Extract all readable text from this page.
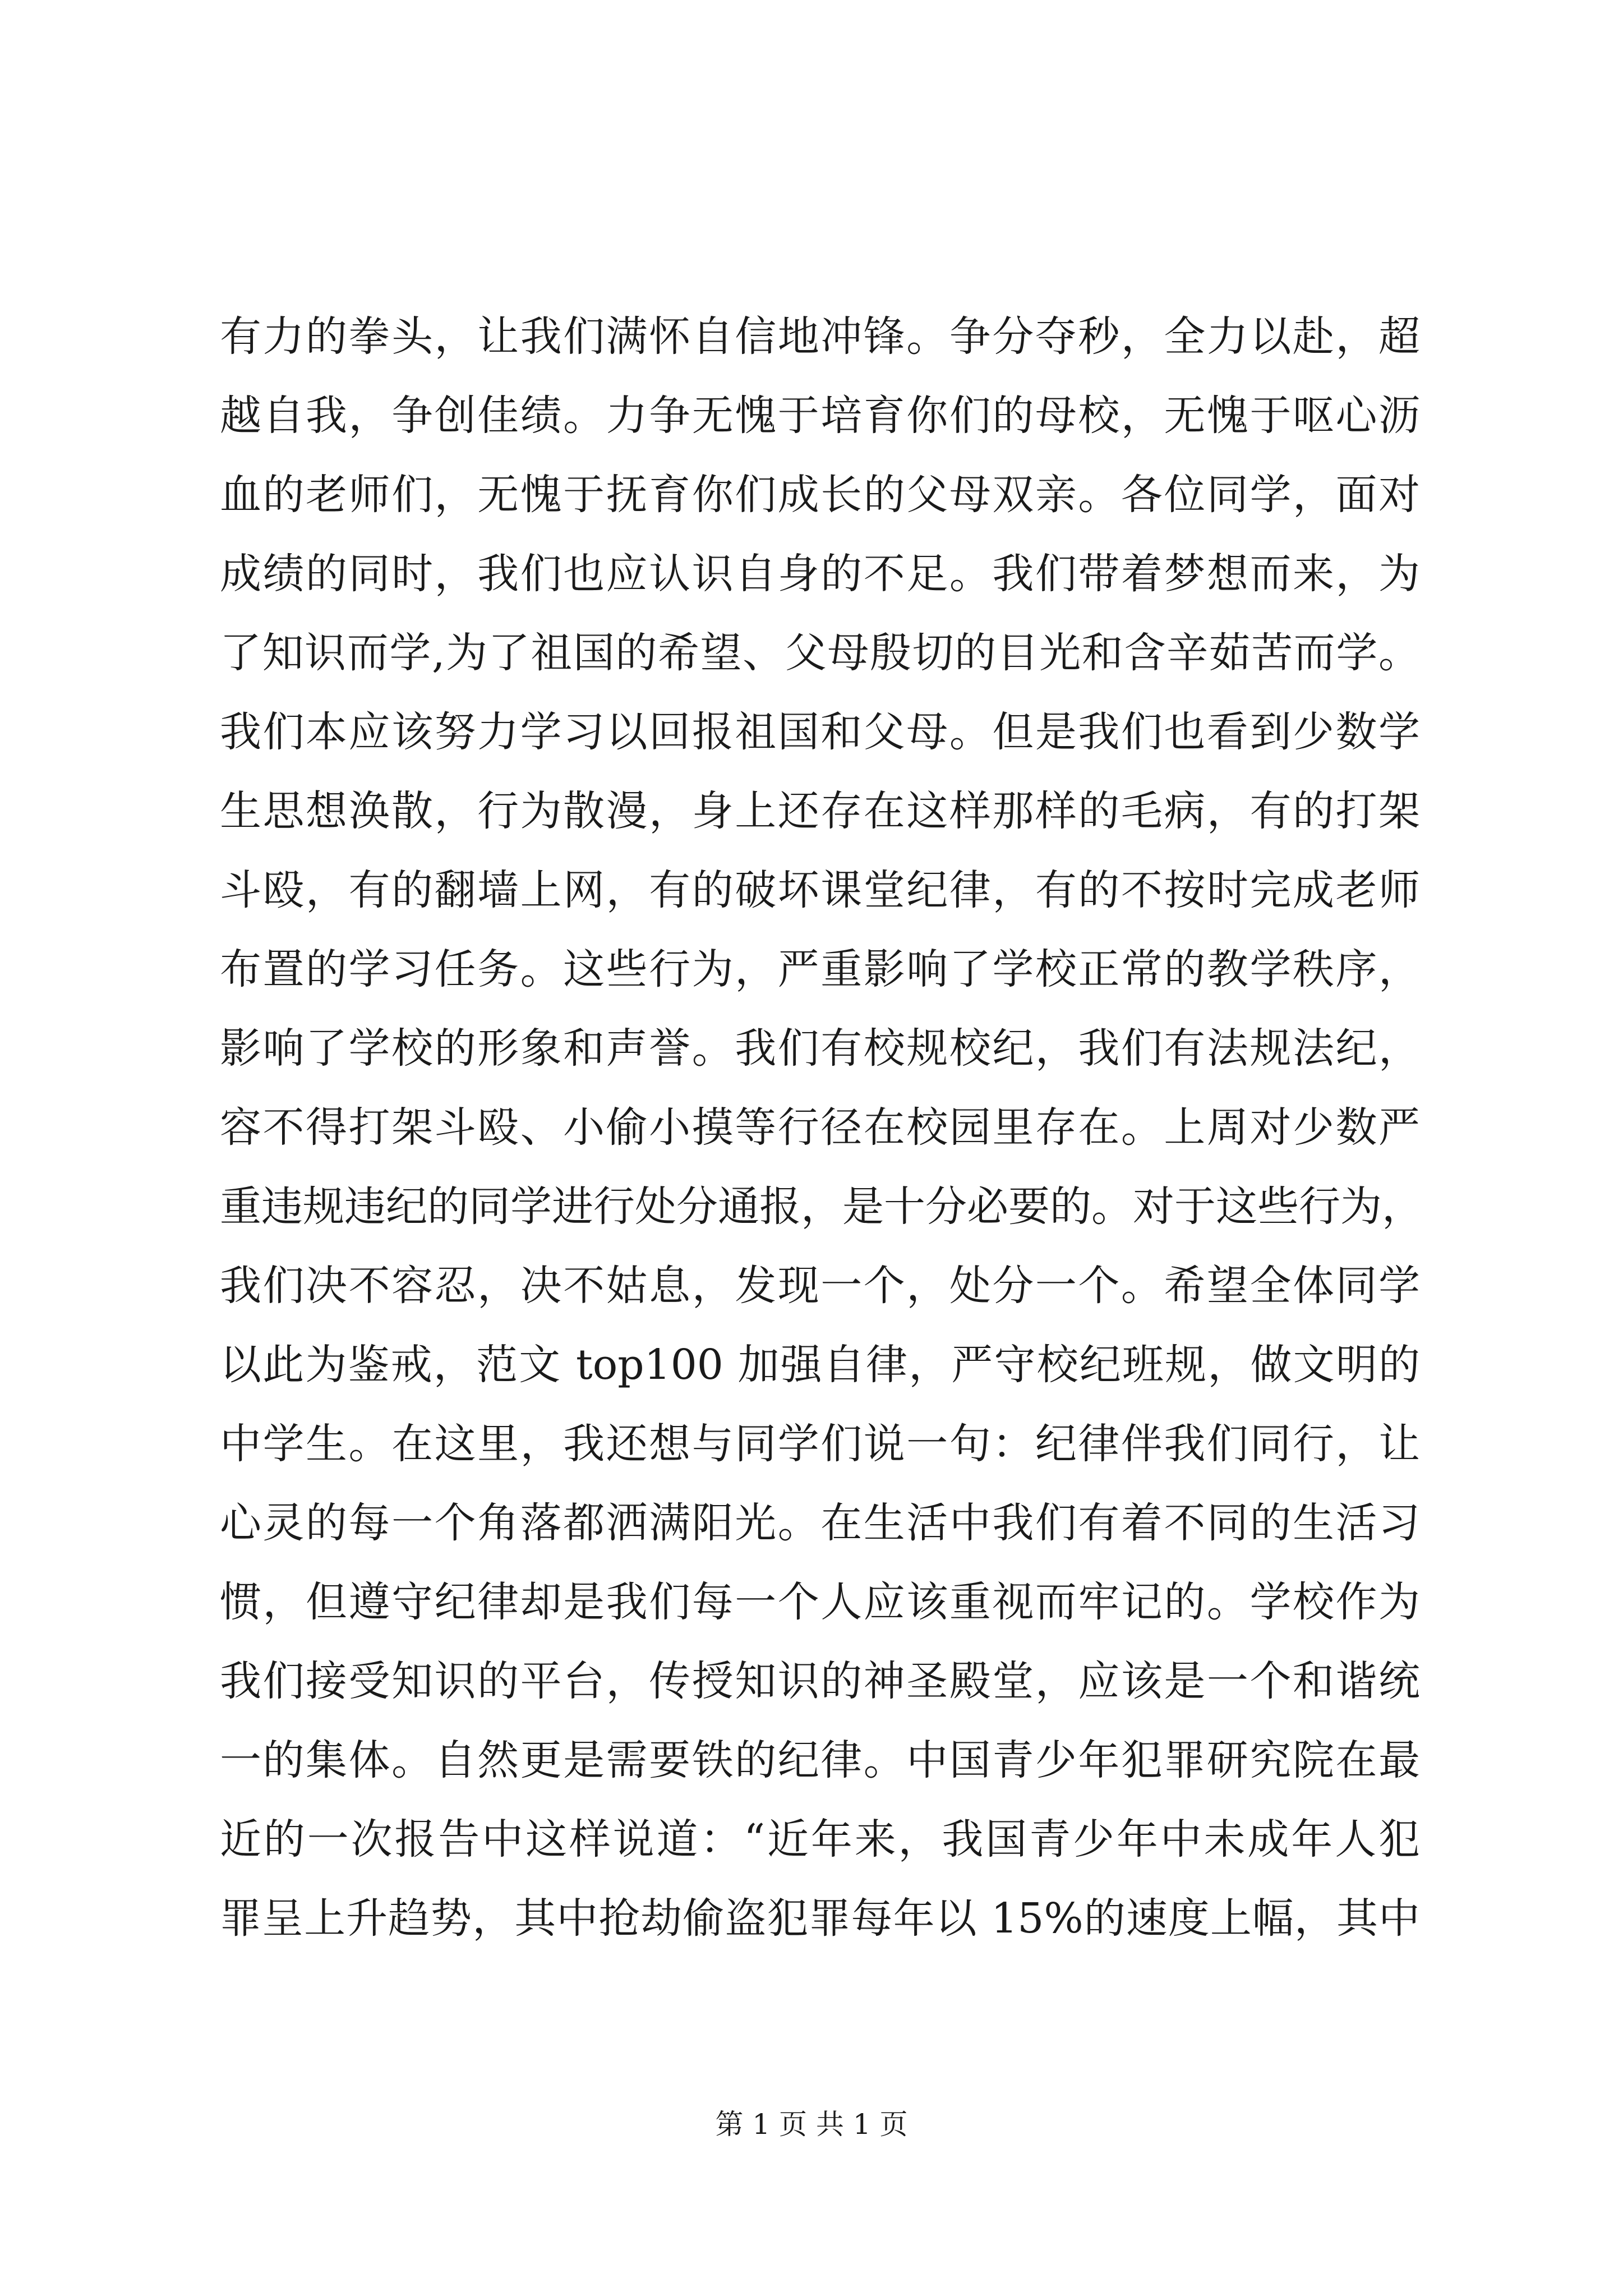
有力的拳头，让我们满怀自信地冲锋。争分夺秒，全力以赴，超
越自我，争创佳绩。力争无愧于培育你们的母校，无愧于呕心沥
血的老师们，无愧于抚育你们成长的父母双亲。各位同学，面对
成绩的同时，我们也应认识自身的不足。我们带着梦想而来，为
了知识而学,为了祖国的希望、父母殷切的目光和含辛茹苦而学。
我们本应该努力学习以回报祖国和父母。但是我们也看到少数学
生思想涣散，行为散漫，身上还存在这样那样的毛病，有的打架
斗殴，有的翻墙上网，有的破坏课堂纪律，有的不按时完成老师
布置的学习任务。这些行为，严重影响了学校正常的教学秩序，
影响了学校的形象和声誉。我们有校规校纪，我们有法规法纪，
容不得打架斗殴、小偷小摸等行径在校园里存在。上周对少数严
重违规违纪的同学进行处分通报，是十分必要的。对于这些行为，
我们决不容忍，决不姑息，发现一个，处分一个。希望全体同学
以此为鉴戒，范文 top100 加强自律，严守校纪班规，做文明的
中学生。在这里，我还想与同学们说一句：纪律伴我们同行，让
心灵的每一个角落都洒满阳光。在生活中我们有着不同的生活习
惯，但遵守纪律却是我们每一个人应该重视而牢记的。学校作为
我们接受知识的平台，传授知识的神圣殿堂，应该是一个和谐统
一的集体。自然更是需要铁的纪律。中国青少年犯罪研究院在最
近的一次报告中这样说道：“近年来，我国青少年中未成年人犯
罪呈上升趋势，其中抢劫偷盗犯罪每年以 15%的速度上幅，其中
第 1 页 共 1 页
